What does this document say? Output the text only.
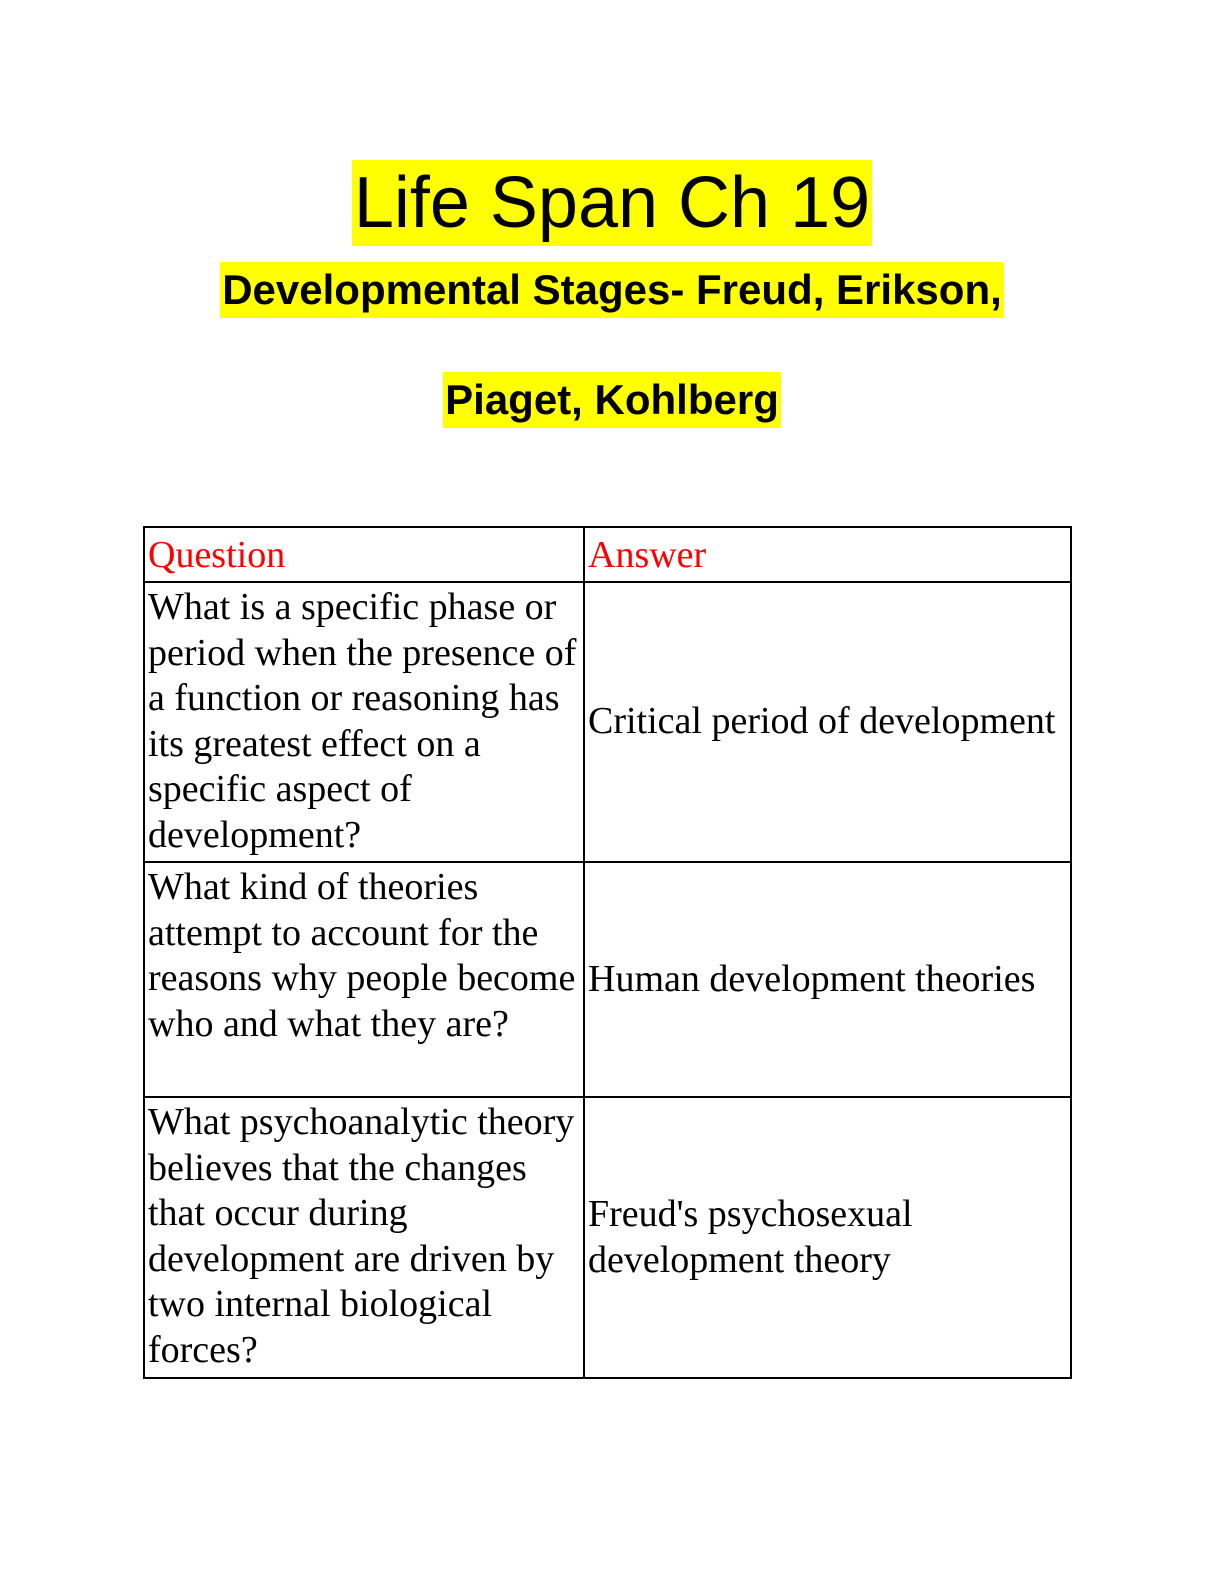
Life Span Ch 19
Developmental Stages- Freud, Erikson,
Piaget, Kohlberg
Question	Answer
What is a specific phase or period when the presence of a function or reasoning has its greatest effect on a specific aspect of development?	Critical period of development
What kind of theories attempt to account for the reasons why people become who and what they are?	Human development theories
What psychoanalytic theory believes that the changes that occur during development are driven by two internal biological forces?	Freud's psychosexual development theory
